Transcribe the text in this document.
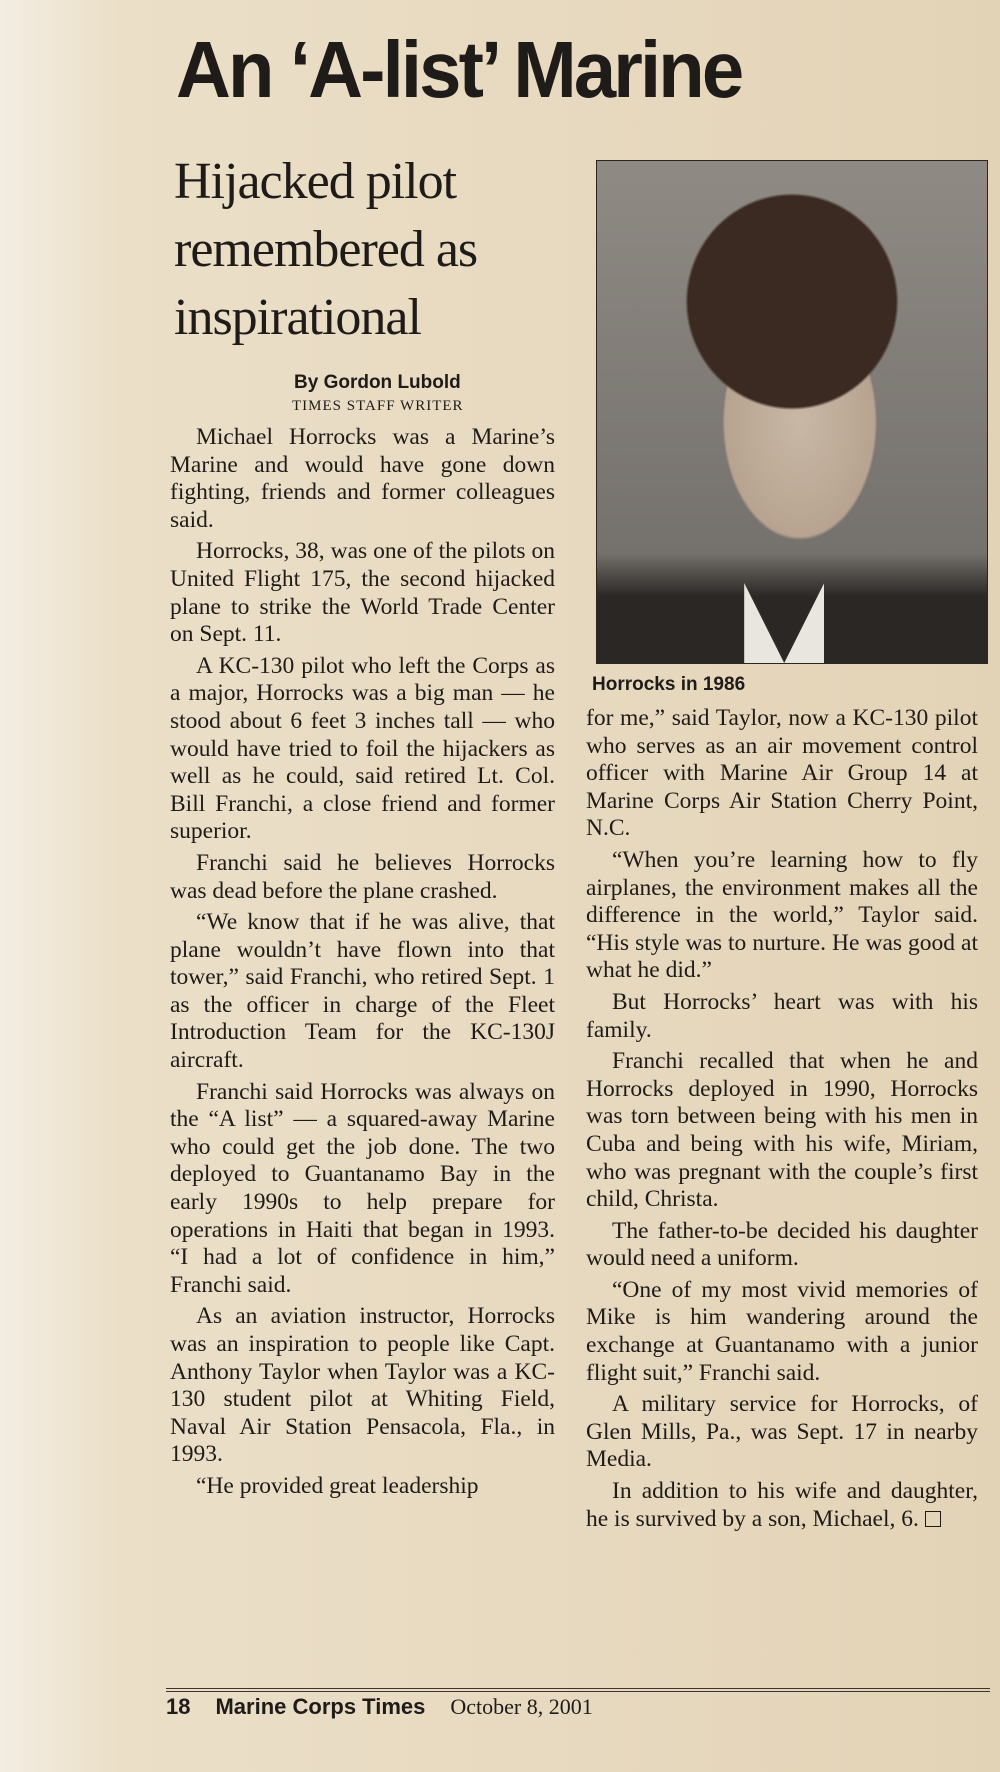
An ‘A-list’ Marine
Hijacked pilot remembered as inspirational
By Gordon Lubold
TIMES STAFF WRITER

Michael Horrocks was a Marine’s Marine and would have gone down fighting, friends and former colleagues said.

Horrocks, 38, was one of the pilots on United Flight 175, the second hijacked plane to strike the World Trade Center on Sept. 11.

A KC-130 pilot who left the Corps as a major, Horrocks was a big man — he stood about 6 feet 3 inches tall — who would have tried to foil the hijackers as well as he could, said retired Lt. Col. Bill Franchi, a close friend and former superior.

Franchi said he believes Horrocks was dead before the plane crashed.

“We know that if he was alive, that plane wouldn’t have flown into that tower,” said Franchi, who retired Sept. 1 as the officer in charge of the Fleet Introduction Team for the KC-130J aircraft.

Franchi said Horrocks was always on the “A list” — a squared-away Marine who could get the job done. The two deployed to Guantanamo Bay in the early 1990s to help prepare for operations in Haiti that began in 1993. “I had a lot of confidence in him,” Franchi said.

As an aviation instructor, Horrocks was an inspiration to people like Capt. Anthony Taylor when Taylor was a KC-130 student pilot at Whiting Field, Naval Air Station Pensacola, Fla., in 1993.

“He provided great leadership

Horrocks in 1986

for me,” said Taylor, now a KC-130 pilot who serves as an air movement control officer with Marine Air Group 14 at Marine Corps Air Station Cherry Point, N.C.

“When you’re learning how to fly airplanes, the environment makes all the difference in the world,” Taylor said. “His style was to nurture. He was good at what he did.”

But Horrocks’ heart was with his family.

Franchi recalled that when he and Horrocks deployed in 1990, Horrocks was torn between being with his men in Cuba and being with his wife, Miriam, who was pregnant with the couple’s first child, Christa.

The father-to-be decided his daughter would need a uniform.

“One of my most vivid memories of Mike is him wandering around the exchange at Guantanamo with a junior flight suit,” Franchi said.

A military service for Horrocks, of Glen Mills, Pa., was Sept. 17 in nearby Media.

In addition to his wife and daughter, he is survived by a son, Michael, 6.

18 Marine Corps Times October 8, 2001
